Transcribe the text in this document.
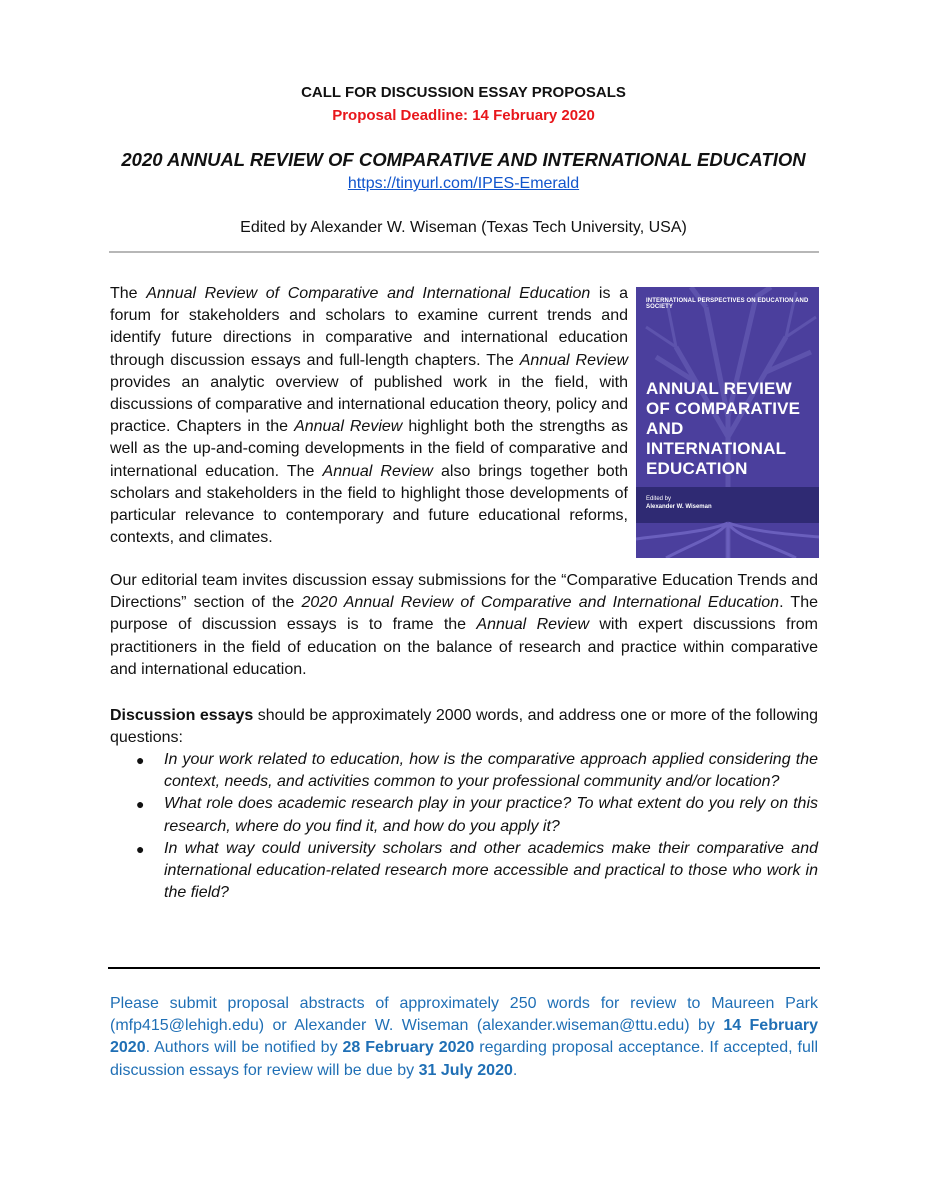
CALL FOR DISCUSSION ESSAY PROPOSALS
Proposal Deadline: 14 February 2020
2020 ANNUAL REVIEW OF COMPARATIVE AND INTERNATIONAL EDUCATION
https://tinyurl.com/IPES-Emerald
Edited by Alexander W. Wiseman (Texas Tech University, USA)
The Annual Review of Comparative and International Education is a forum for stakeholders and scholars to examine current trends and identify future directions in comparative and international education through discussion essays and full-length chapters. The Annual Review provides an analytic overview of published work in the field, with discussions of comparative and international education theory, policy and practice. Chapters in the Annual Review highlight both the strengths as well as the up-and-coming developments in the field of comparative and international education. The Annual Review also brings together both scholars and stakeholders in the field to highlight those developments of particular relevance to contemporary and future educational reforms, contexts, and climates.
INTERNATIONAL PERSPECTIVES ON EDUCATION AND SOCIETY
ANNUAL REVIEW
OF COMPARATIVE
AND INTERNATIONAL
EDUCATION
Edited by
Alexander W. Wiseman
Our editorial team invites discussion essay submissions for the “Comparative Education Trends and Directions” section of the 2020 Annual Review of Comparative and International Education. The purpose of discussion essays is to frame the Annual Review with expert discussions from practitioners in the field of education on the balance of research and practice within comparative and international education.
Discussion essays should be approximately 2000 words, and address one or more of the following questions:
● In your work related to education, how is the comparative approach applied considering the context, needs, and activities common to your professional community and/or location?
● What role does academic research play in your practice? To what extent do you rely on this research, where do you find it, and how do you apply it?
● In what way could university scholars and other academics make their comparative and international education-related research more accessible and practical to those who work in the field?
Please submit proposal abstracts of approximately 250 words for review to Maureen Park (mfp415@lehigh.edu) or Alexander W. Wiseman (alexander.wiseman@ttu.edu) by 14 February 2020. Authors will be notified by 28 February 2020 regarding proposal acceptance. If accepted, full discussion essays for review will be due by 31 July 2020.
